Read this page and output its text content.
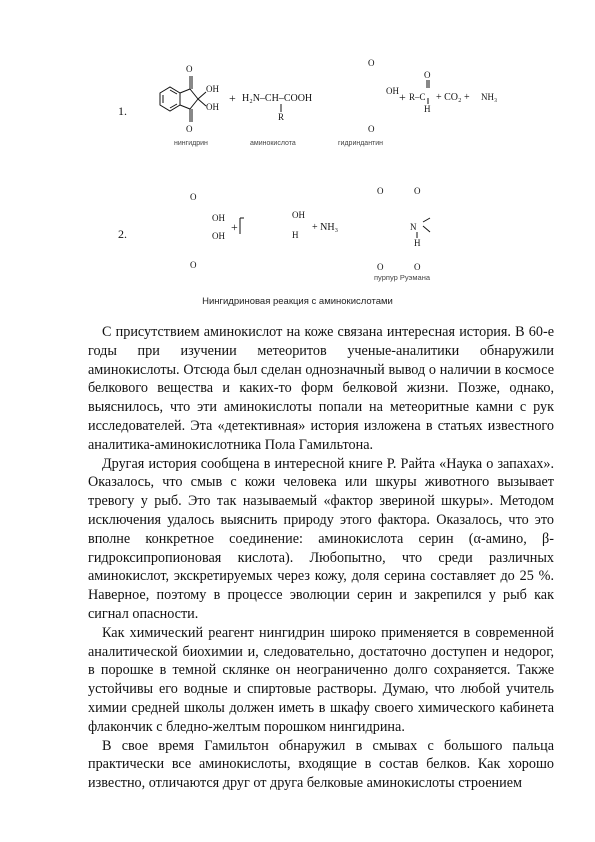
1.
O
OH
OH
O
+ H₂N–CH–COOH
R
O
OH + R–C
O
H
+ CO₂ + NH₃
O
нингидрин	аминокислота	гидриндантин
2.
O
OH
+
OH
O
OH
H
+ NH₃
O	O
N
H
O	O
пурпур Руэмана
Нингидриновая реакция с аминокислотами

С присутствием аминокислот на коже связана интересная история. В 60-е годы при изучении метеоритов ученые-аналитики обнаружили аминокислоты. Отсюда был сделан однозначный вывод о наличии в космосе белкового вещества и каких-то форм белковой жизни. Позже, однако, выяснилось, что эти аминокислоты попали на метеоритные камни с рук исследователей. Эта «детективная» история изложена в статьях известного аналитика-аминокислотника Пола Гамильтона.

Другая история сообщена в интересной книге Р. Райта «Наука о запахах». Оказалось, что смыв с кожи человека или шкуры животного вызывает тревогу у рыб. Это так называемый «фактор звериной шкуры». Методом исключения удалось выяснить природу этого фактора. Оказалось, что это вполне конкретное соединение: аминокислота серин (α-амино, β-гидроксипропионовая кислота). Любопытно, что среди различных аминокислот, экскретируемых через кожу, доля серина составляет до 25 %. Наверное, поэтому в процессе эволюции серин и закрепился у рыб как сигнал опасности.

Как химический реагент нингидрин широко применяется в современной аналитической биохимии и, следовательно, достаточно доступен и недорог, в порошке в темной склянке он неограниченно долго сохраняется. Также устойчивы его водные и спиртовые растворы. Думаю, что любой учитель химии средней школы должен иметь в шкафу своего химического кабинета флакончик с бледно-желтым порошком нингидрина.

В свое время Гамильтон обнаружил в смывах с большого пальца практически все аминокислоты, входящие в состав белков. Как хорошо известно, отличаются друг от друга белковые аминокислоты строением
